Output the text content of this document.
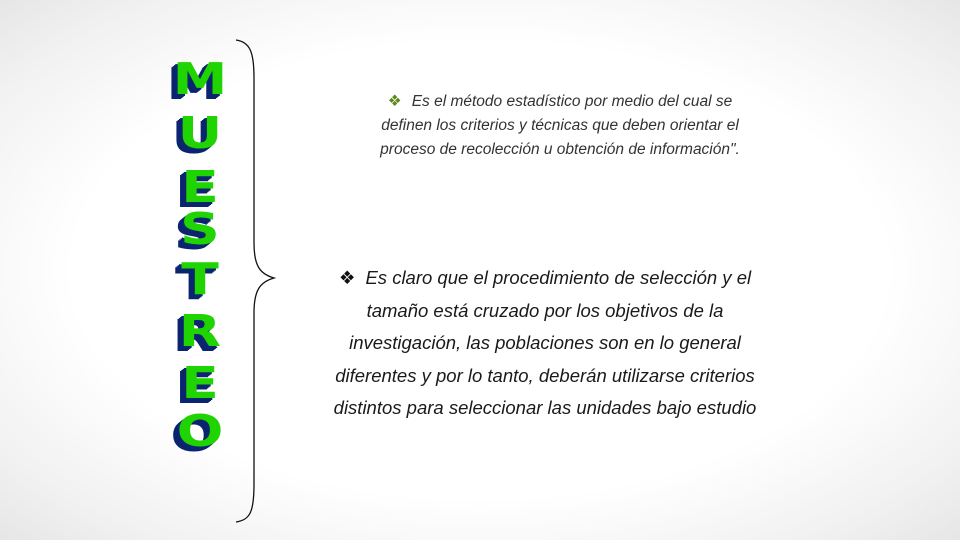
M
U
E
S
T
R
E
O
❖ Es el método estadístico por medio del cual se
definen los criterios y técnicas que deben orientar el
proceso de recolección u obtención de información".
❖ Es claro que el procedimiento de selección y el
tamaño está cruzado por los objetivos de la
investigación, las poblaciones son en lo general
diferentes y por lo tanto, deberán utilizarse criterios
distintos para seleccionar las unidades bajo estudio
